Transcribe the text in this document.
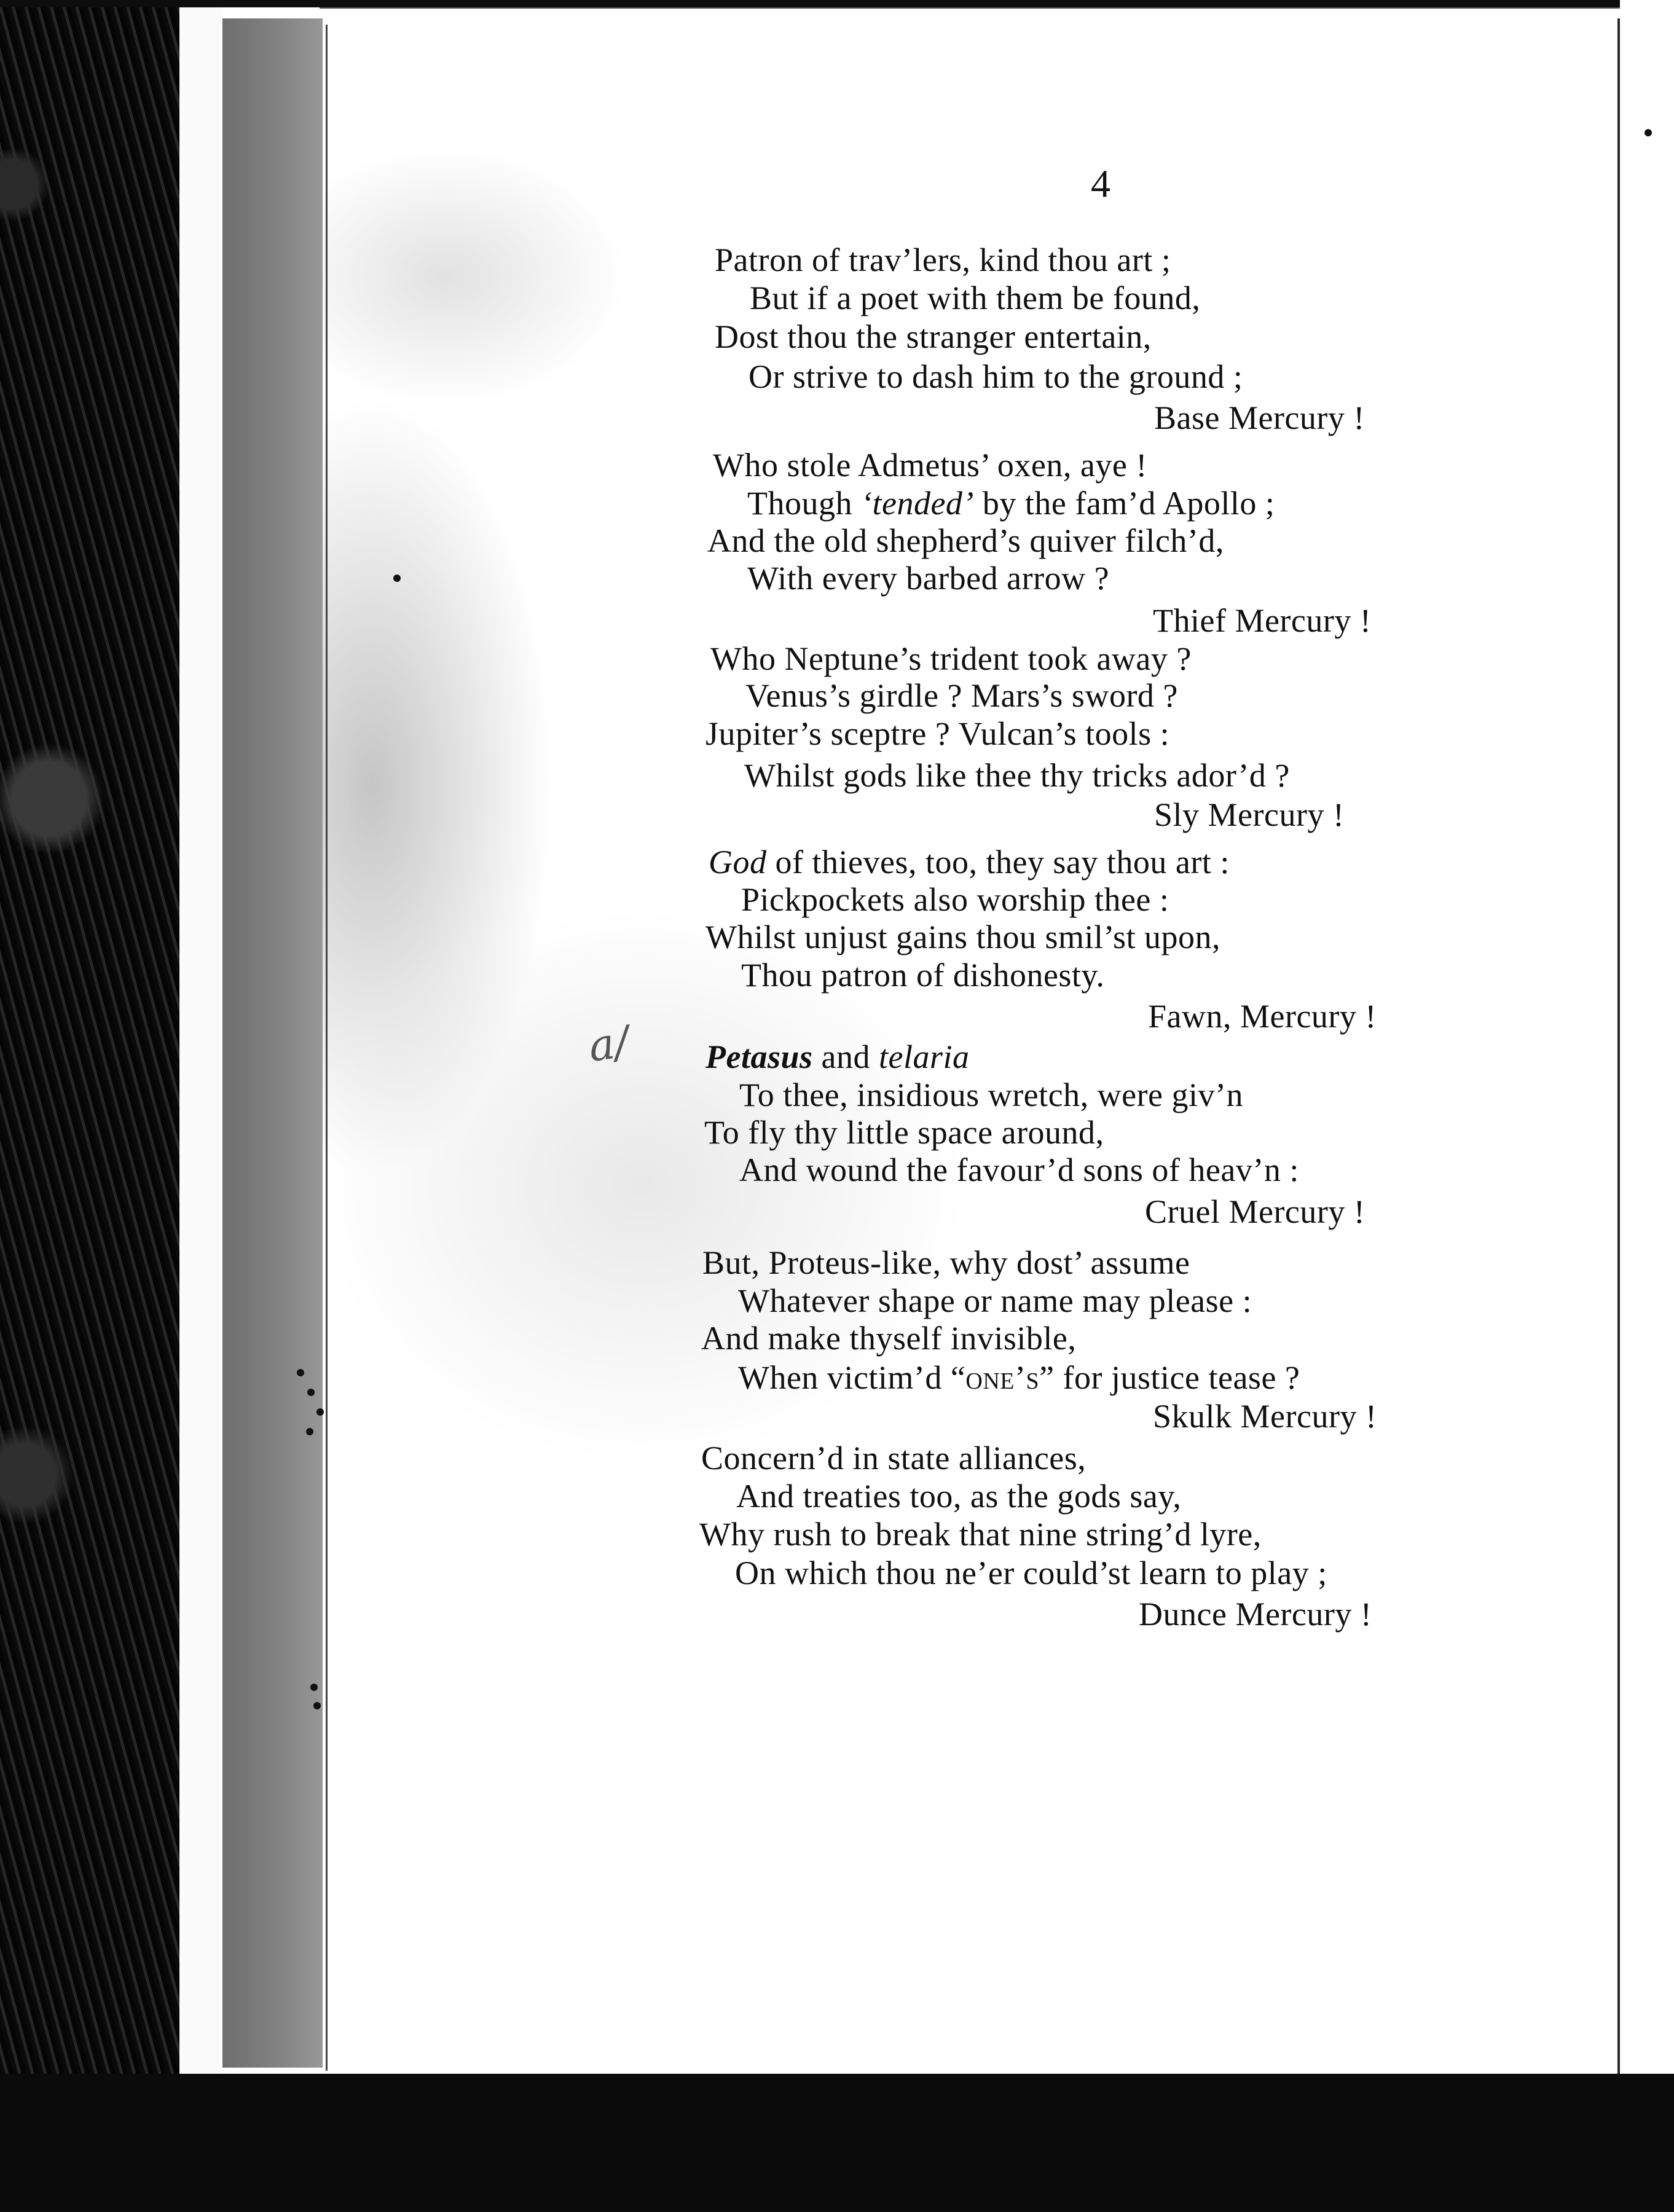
4
a/
Patron of trav’lers, kind thou art ;
But if a poet with them be found,
Dost thou the stranger entertain,
Or strive to dash him to the ground ;
Base Mercury !
Who stole Admetus’ oxen, aye !
Though ‘tended’ by the fam’d Apollo ;
And the old shepherd’s quiver filch’d,
With every barbed arrow ?
Thief Mercury !
Who Neptune’s trident took away ?
Venus’s girdle ? Mars’s sword ?
Jupiter’s sceptre ? Vulcan’s tools :
Whilst gods like thee thy tricks ador’d ?
Sly Mercury !
God of thieves, too, they say thou art :
Pickpockets also worship thee :
Whilst unjust gains thou smil’st upon,
Thou patron of dishonesty.
Fawn, Mercury !
Petasus and telaria
To thee, insidious wretch, were giv’n
To fly thy little space around,
And wound the favour’d sons of heav’n :
Cruel Mercury !
But, Proteus-like, why dost’ assume
Whatever shape or name may please :
And make thyself invisible,
When victim’d “one’s” for justice tease ?
Skulk Mercury !
Concern’d in state alliances,
And treaties too, as the gods say,
Why rush to break that nine string’d lyre,
On which thou ne’er could’st learn to play ;
Dunce Mercury !
